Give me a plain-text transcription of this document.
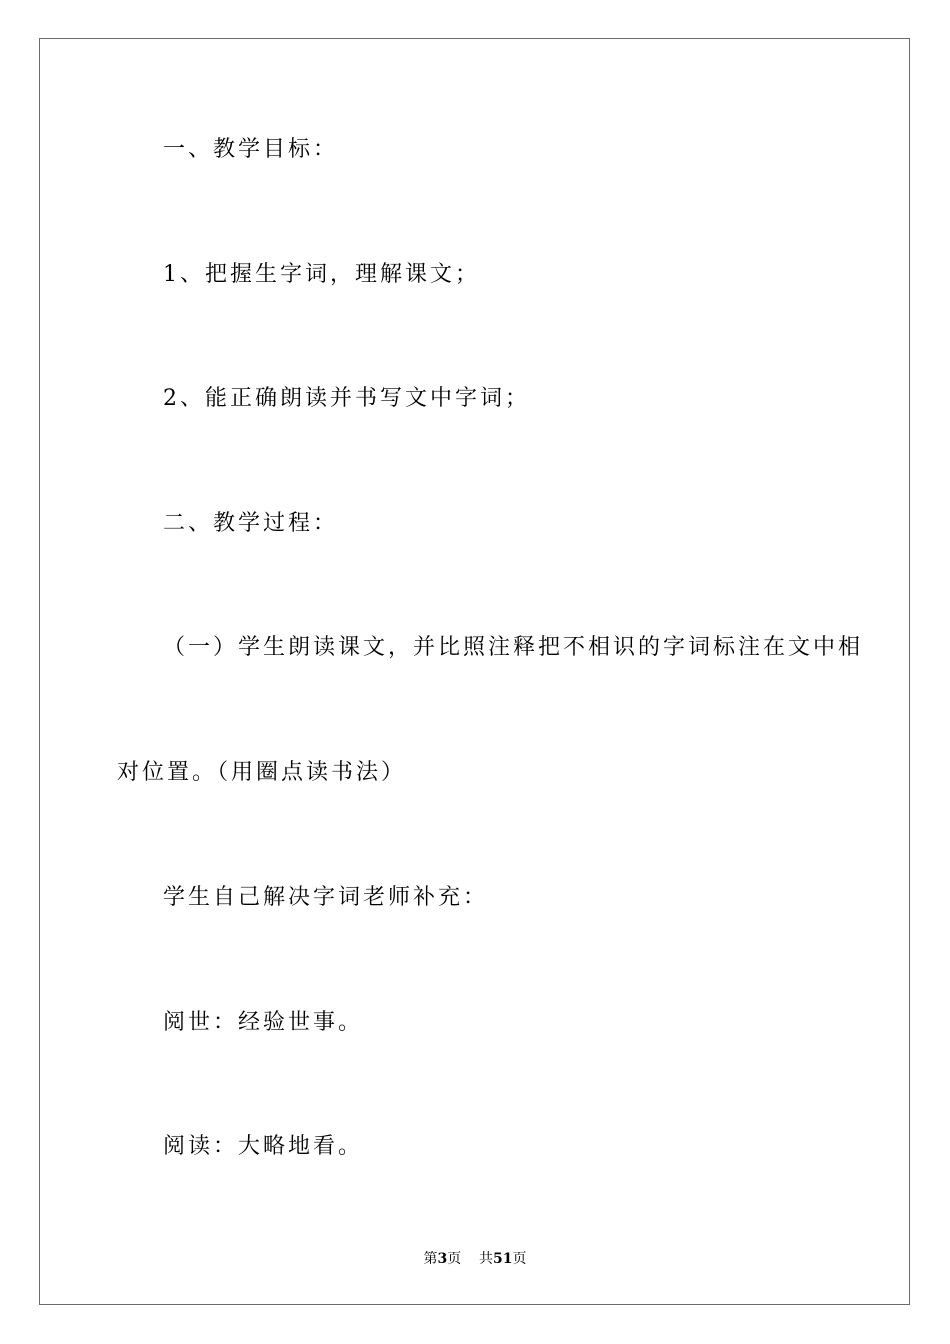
一、教学目标：
1、把握生字词，理解课文；
2、能正确朗读并书写文中字词；
二、教学过程：
（一）学生朗读课文，并比照注释把不相识的字词标注在文中相
对位置。（用圈点读书法）
学生自己解决字词老师补充：
阅世：经验世事。
阅读：大略地看。
第3页 共51页
